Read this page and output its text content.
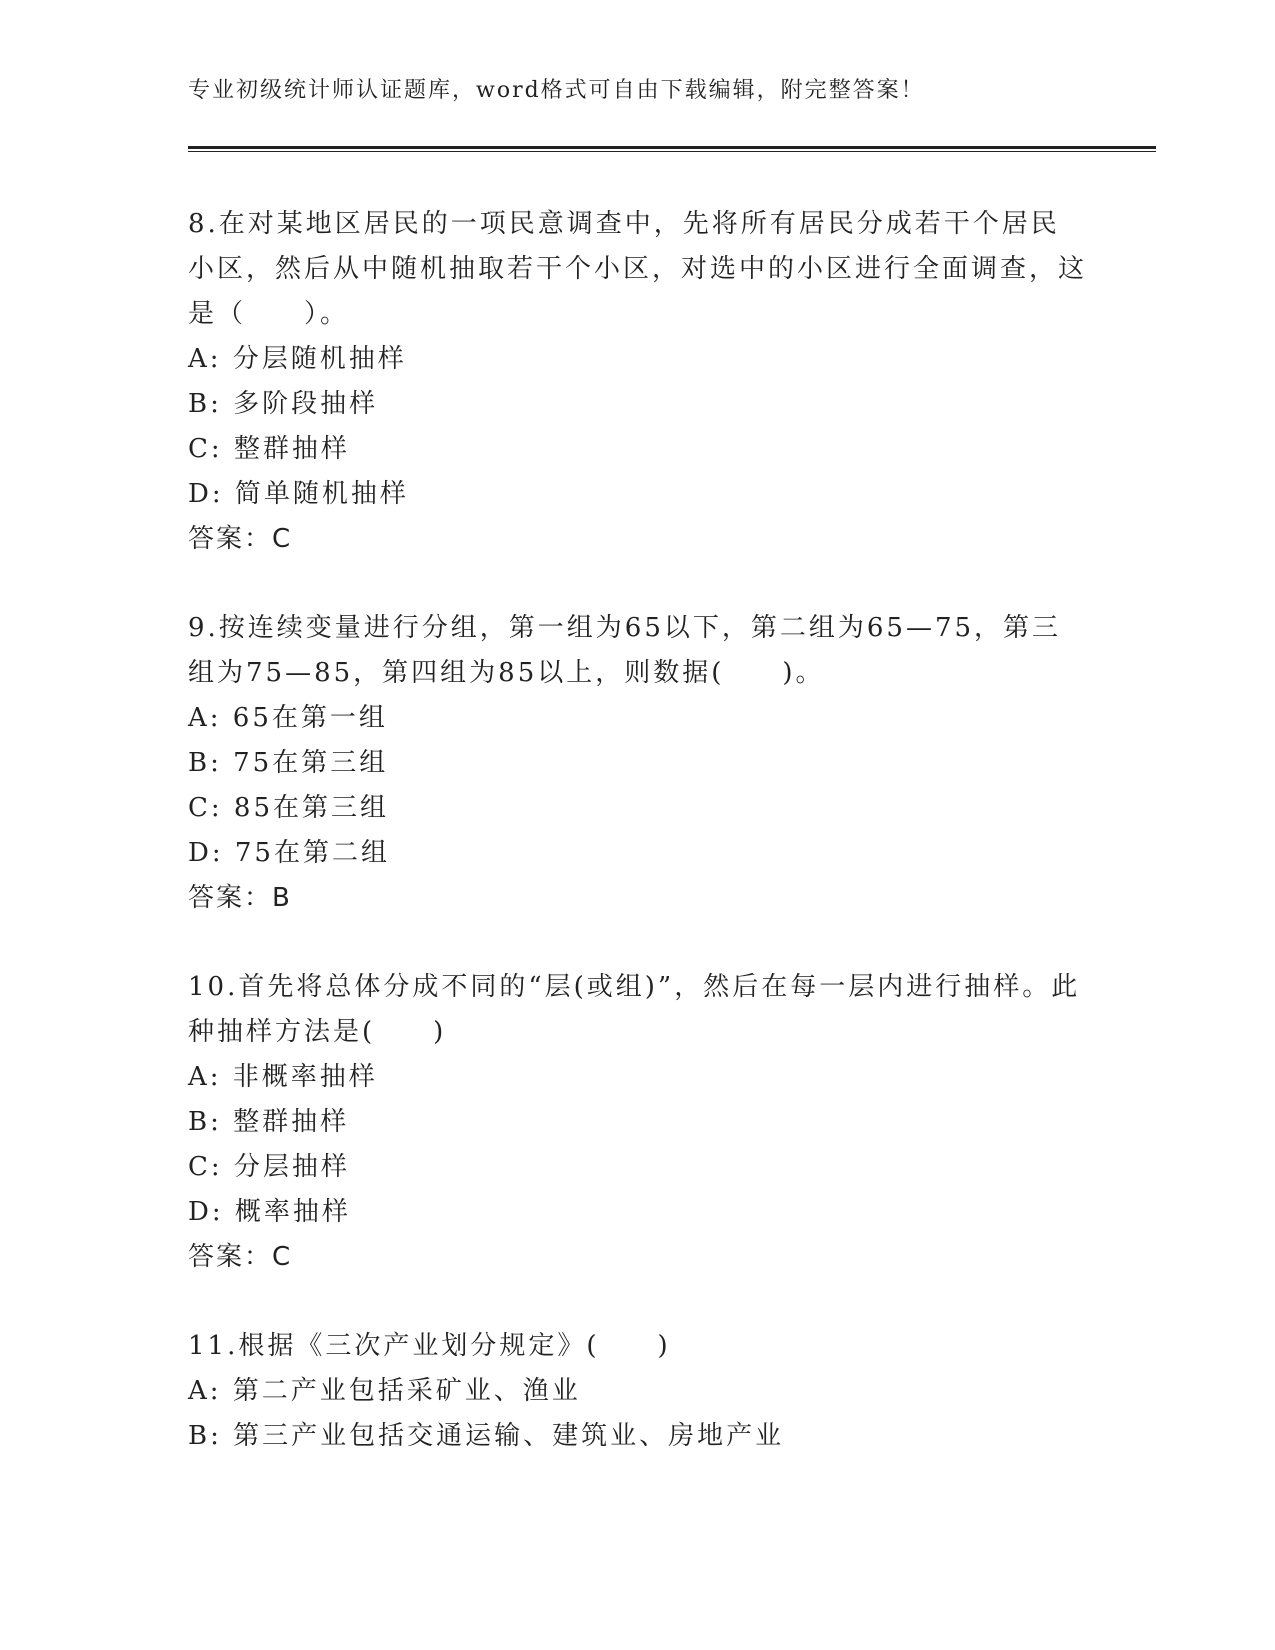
专业初级统计师认证题库，word格式可自由下载编辑，附完整答案！
8.在对某地区居民的一项民意调查中，先将所有居民分成若干个居民小区，然后从中随机抽取若干个小区，对选中的小区进行全面调查，这是（　　）。
A: 分层随机抽样
B: 多阶段抽样
C: 整群抽样
D: 简单随机抽样
答案：C
9.按连续变量进行分组，第一组为65以下，第二组为65—75，第三组为75—85，第四组为85以上，则数据(　　)。
A: 65在第一组
B: 75在第三组
C: 85在第三组
D: 75在第二组
答案：B
10.首先将总体分成不同的“层(或组)”，然后在每一层内进行抽样。此种抽样方法是(　　)
A: 非概率抽样
B: 整群抽样
C: 分层抽样
D: 概率抽样
答案：C
11.根据《三次产业划分规定》(　　)
A: 第二产业包括采矿业、渔业
B: 第三产业包括交通运输、建筑业、房地产业
